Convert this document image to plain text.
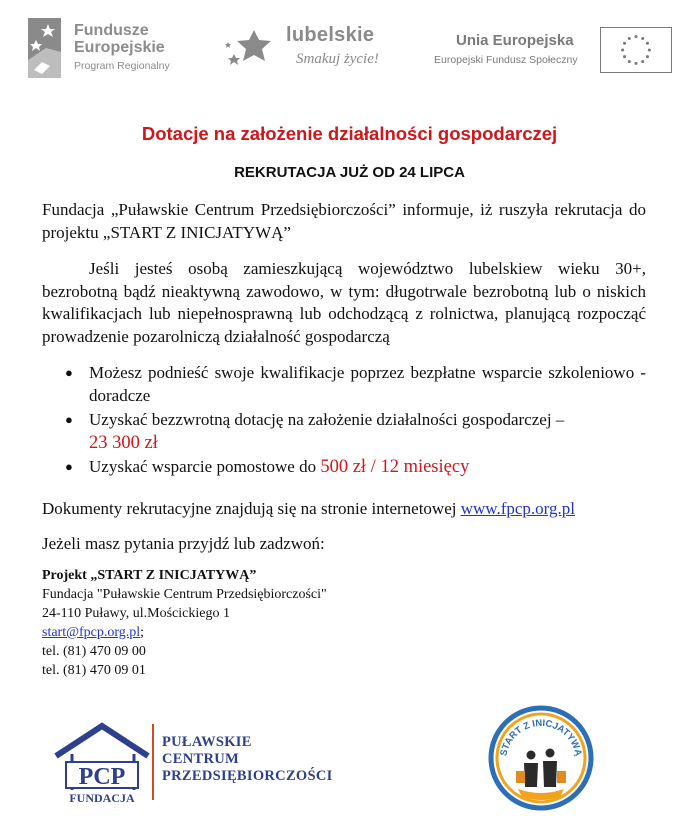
Fundusze
Europejskie
Program Regionalny
lubelskie
Smakuj życie!
Unia Europejska
Europejski Fundusz Społeczny
Dotacje na założenie działalności gospodarczej
REKRUTACJA JUŻ OD 24 LIPCA
Fundacja „Puławskie Centrum Przedsiębiorczości” informuje, iż ruszyła rekrutacja do projektu „START Z INICJATYWĄ”
Jeśli jesteś osobą zamieszkującą województwo lubelskiew wieku 30+, bezrobotną bądź nieaktywną zawodowo, w tym: długotrwale bezrobotną lub o niskich kwalifikacjach lub niepełnosprawną lub odchodzącą z rolnictwa, planującą rozpocząć prowadzenie pozarolniczą działalność gospodarczą
● Możesz podnieść swoje kwalifikacje poprzez bezpłatne wsparcie szkoleniowo - doradcze
● Uzyskać bezzwrotną dotację na założenie działalności gospodarczej –
23 300 zł
● Uzyskać wsparcie pomostowe do 500 zł / 12 miesięcy
Dokumenty rekrutacyjne znajdują się na stronie internetowej www.fpcp.org.pl
Jeżeli masz pytania przyjdź lub zadzwoń:
Projekt „START Z INICJATYWĄ”
Fundacja "Puławskie Centrum Przedsiębiorczości"
24-110 Puławy, ul.Mościckiego 1
start@fpcp.org.pl;
tel. (81) 470 09 00
tel. (81) 470 09 01
PCP
FUNDACJA
PUŁAWSKIE
CENTRUM
PRZEDSIĘBIORCZOŚCI
START Z INICJATYWĄ
